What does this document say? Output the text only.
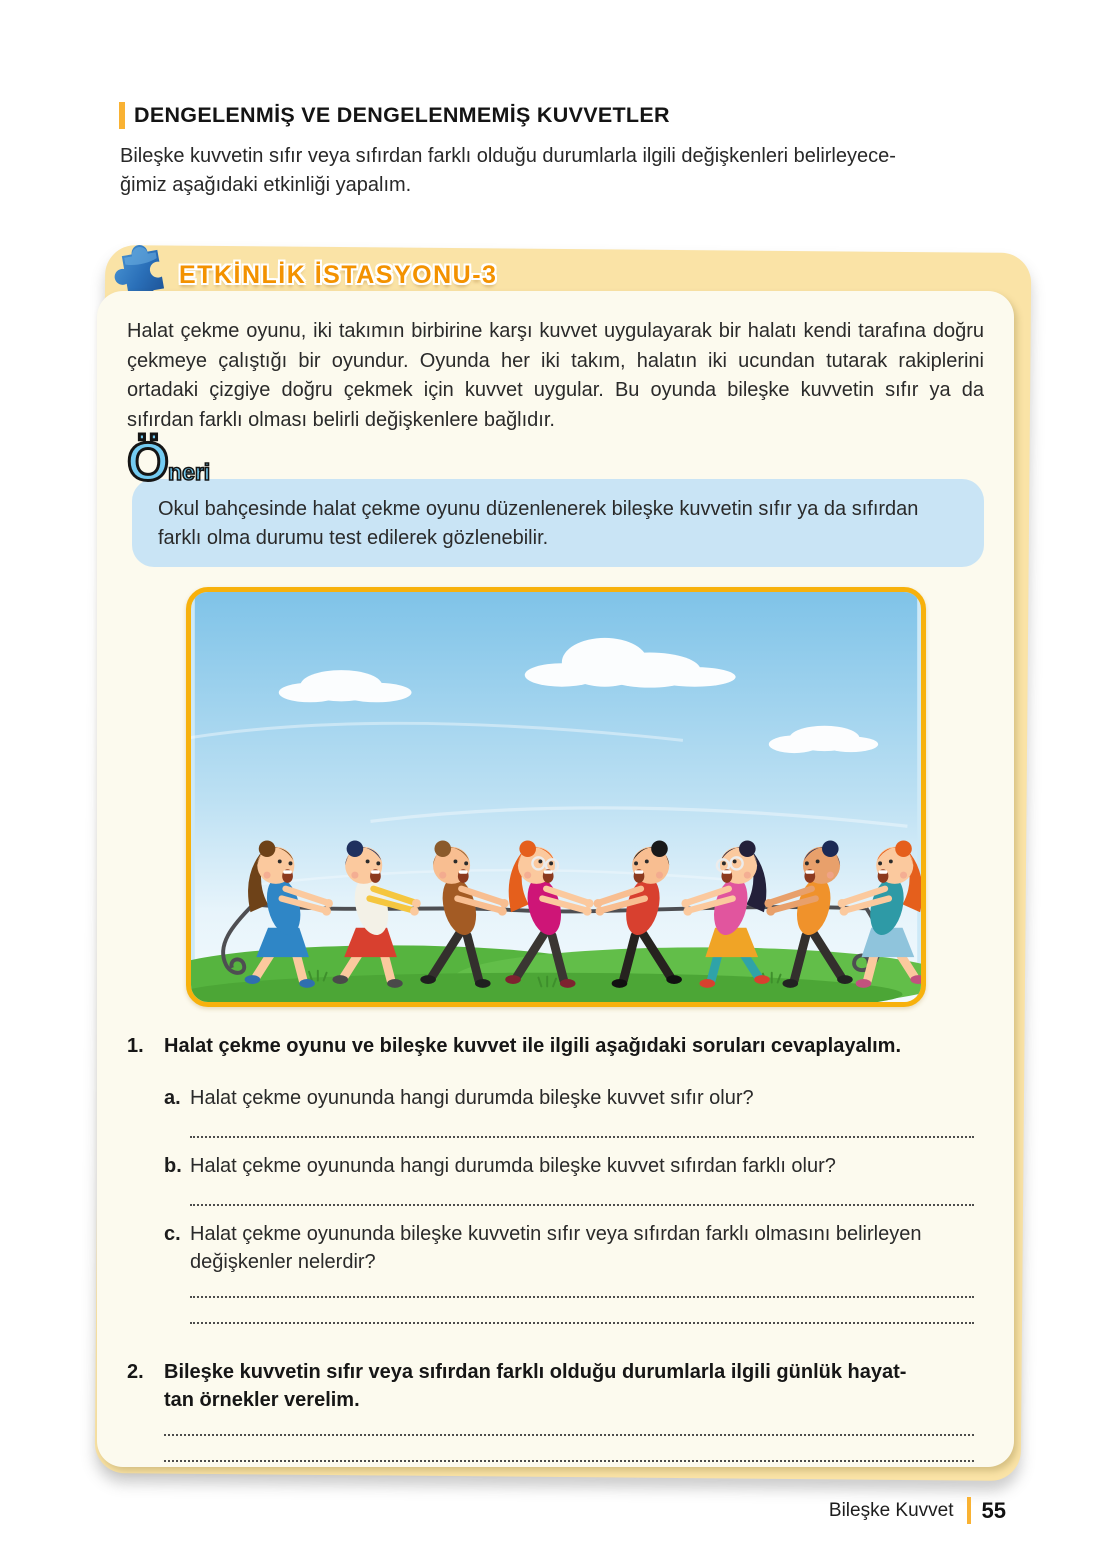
DENGELENMİŞ VE DENGELENMEMİŞ KUVVETLER
Bileşke kuvvetin sıfır veya sıfırdan farklı olduğu durumlarla ilgili değişkenleri belirleyece-
ğimiz aşağıdaki etkinliği yapalım.
ETKİNLİK İSTASYONU-3

Halat çekme oyunu, iki takımın birbirine karşı kuvvet uygulayarak bir halatı kendi tarafına doğru çekmeye çalıştığı bir oyundur. Oyunda her iki takım, halatın iki ucundan tutarak rakiplerini ortadaki çizgiye doğru çekmek için kuvvet uygular. Bu oyunda bileşke kuvvetin sıfır ya da sıfırdan farklı olması belirli değişkenlere bağlıdır.

Ö neri
Okul bahçesinde halat çekme oyunu düzenlenerek bileşke kuvvetin sıfır ya da sıfırdan farklı olma durumu test edilerek gözlenebilir.
1.	Halat çekme oyunu ve bileşke kuvvet ile ilgili aşağıdaki soruları cevaplayalım.
a. Halat çekme oyununda hangi durumda bileşke kuvvet sıfır olur?
b. Halat çekme oyununda hangi durumda bileşke kuvvet sıfırdan farklı olur?
c. Halat çekme oyununda bileşke kuvvetin sıfır veya sıfırdan farklı olmasını belirleyen değişkenler nelerdir?
2.	Bileşke kuvvetin sıfır veya sıfırdan farklı olduğu durumlarla ilgili günlük hayat-
tan örnekler verelim.
Bileşke Kuvvet 55
